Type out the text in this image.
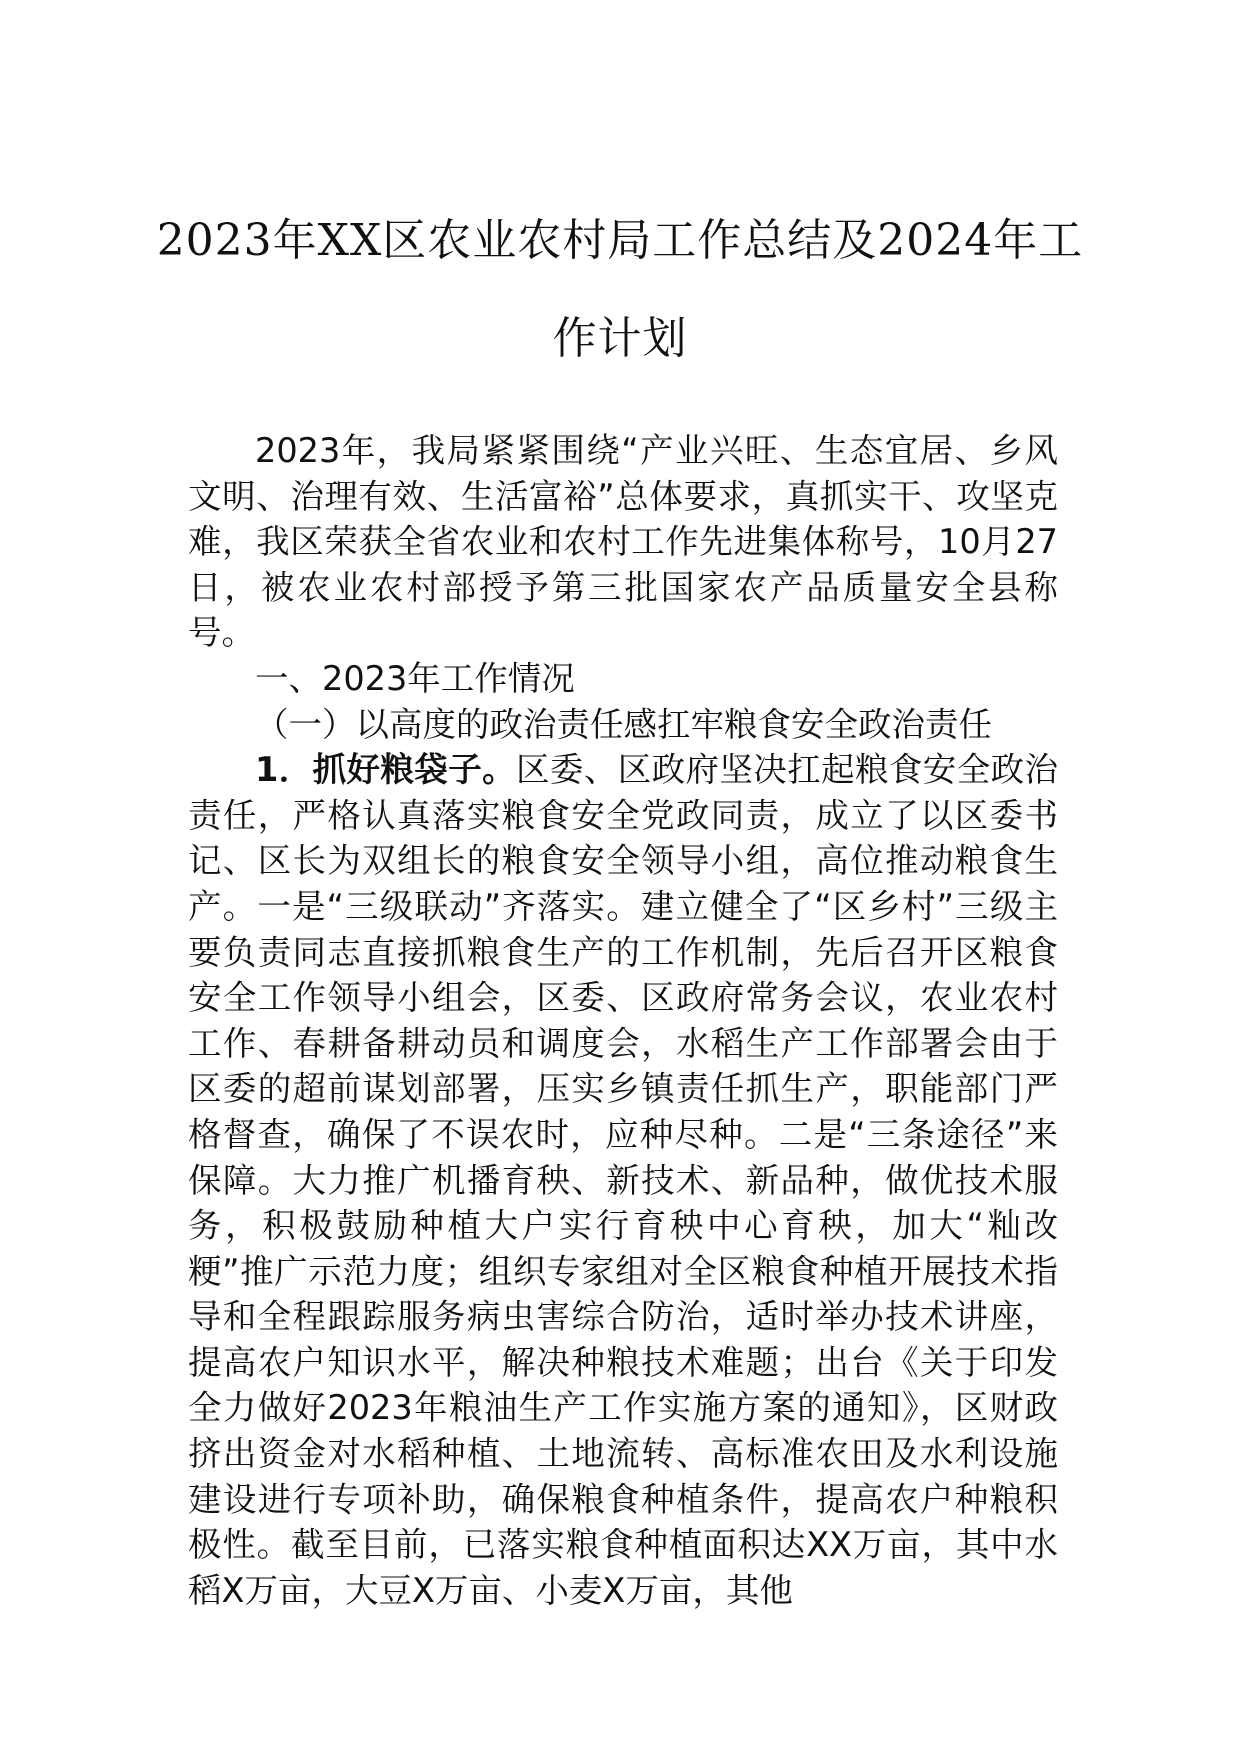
2023年XX区农业农村局工作总结及2024年工作计划

2023年，我局紧紧围绕“产业兴旺、生态宜居、乡风文明、治理有效、生活富裕”总体要求，真抓实干、攻坚克难，我区荣获全省农业和农村工作先进集体称号，10月27日，被农业农村部授予第三批国家农产品质量安全县称号。

一、2023年工作情况

（一）以高度的政治责任感扛牢粮食安全政治责任

1．抓好粮袋子。区委、区政府坚决扛起粮食安全政治责任，严格认真落实粮食安全党政同责，成立了以区委书记、区长为双组长的粮食安全领导小组，高位推动粮食生产。一是“三级联动”齐落实。建立健全了“区乡村”三级主要负责同志直接抓粮食生产的工作机制，先后召开区粮食安全工作领导小组会，区委、区政府常务会议，农业农村工作、春耕备耕动员和调度会，水稻生产工作部署会由于区委的超前谋划部署，压实乡镇责任抓生产，职能部门严格督查，确保了不误农时，应种尽种。二是“三条途径”来保障。大力推广机播育秧、新技术、新品种，做优技术服务，积极鼓励种植大户实行育秧中心育秧，加大“籼改粳”推广示范力度；组织专家组对全区粮食种植开展技术指导和全程跟踪服务病虫害综合防治，适时举办技术讲座，提高农户知识水平，解决种粮技术难题；出台《关于印发全力做好2023年粮油生产工作实施方案的通知》，区财政挤出资金对水稻种植、土地流转、高标准农田及水利设施建设进行专项补助，确保粮食种植条件，提高农户种粮积极性。截至目前，已落实粮食种植面积达XX万亩，其中水稻X万亩，大豆X万亩、小麦X万亩，其他
